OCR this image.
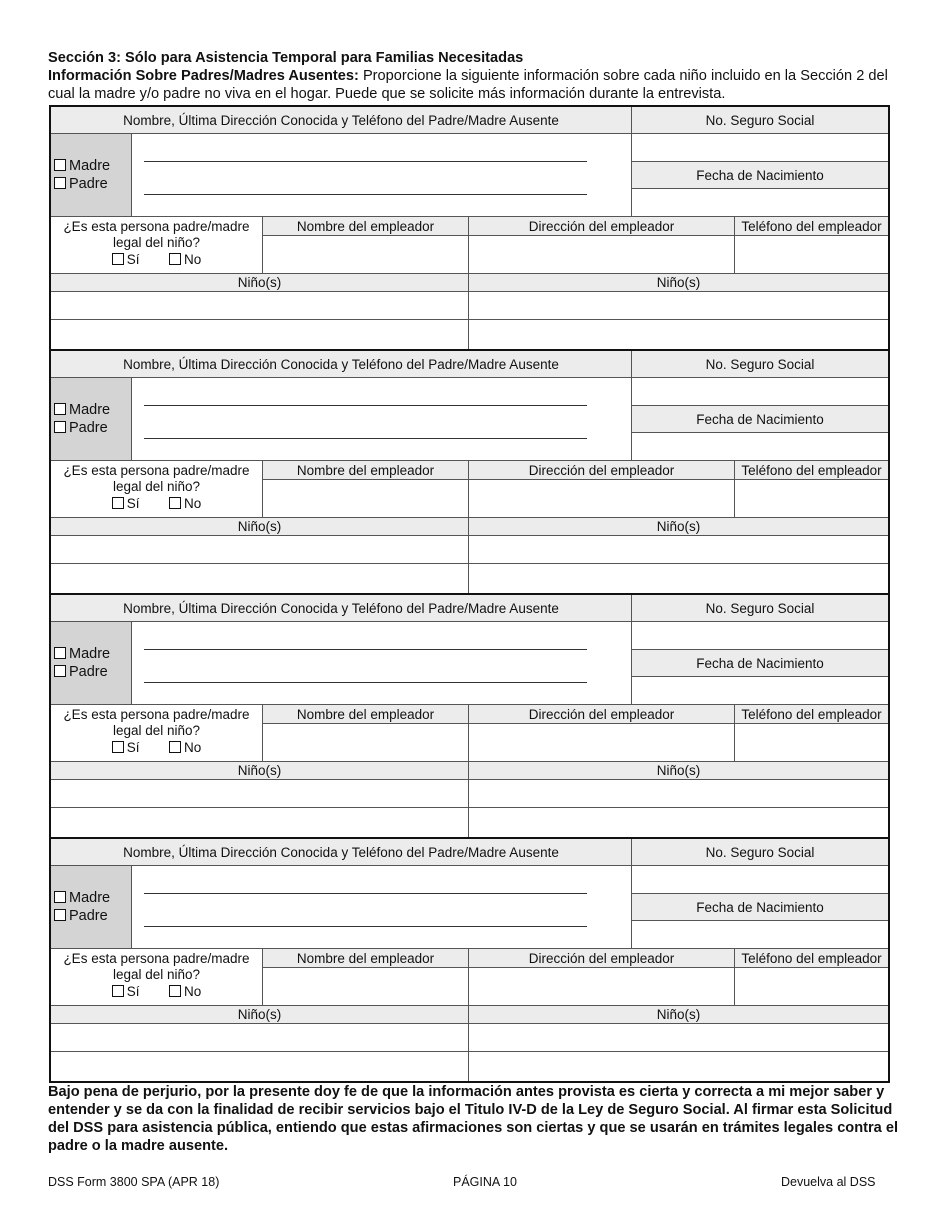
Sección 3: Sólo para Asistencia Temporal para Familias Necesitadas
Información Sobre Padres/Madres Ausentes: Proporcione la siguiente información sobre cada niño incluido en la Sección 2 del cual la madre y/o padre no viva en el hogar. Puede que se solicite más información durante la entrevista.
Nombre, Última Dirección Conocida y Teléfono del Padre/Madre Ausente	No. Seguro Social
Madre
Padre
Fecha de Nacimiento
¿Es esta persona padre/madre legal del niño?
Sí	No
Nombre del empleador	Dirección del empleador	Teléfono del empleador
Niño(s)	Niño(s)
Nombre, Última Dirección Conocida y Teléfono del Padre/Madre Ausente	No. Seguro Social
Madre
Padre
Fecha de Nacimiento
¿Es esta persona padre/madre legal del niño?
Sí	No
Nombre del empleador	Dirección del empleador	Teléfono del empleador
Niño(s)	Niño(s)
Nombre, Última Dirección Conocida y Teléfono del Padre/Madre Ausente	No. Seguro Social
Madre
Padre
Fecha de Nacimiento
¿Es esta persona padre/madre legal del niño?
Sí	No
Nombre del empleador	Dirección del empleador	Teléfono del empleador
Niño(s)	Niño(s)
Nombre, Última Dirección Conocida y Teléfono del Padre/Madre Ausente	No. Seguro Social
Madre
Padre
Fecha de Nacimiento
¿Es esta persona padre/madre legal del niño?
Sí	No
Nombre del empleador	Dirección del empleador	Teléfono del empleador
Niño(s)	Niño(s)
Bajo pena de perjurio, por la presente doy fe de que la información antes provista es cierta y correcta a mi mejor saber y entender y se da con la finalidad de recibir servicios bajo el Titulo IV-D de la Ley de Seguro Social. Al firmar esta Solicitud del DSS para asistencia pública, entiendo que estas afirmaciones son ciertas y que se usarán en trámites legales contra el padre o la madre ausente.
DSS Form 3800 SPA (APR 18)	PÁGINA 10	Devuelva al DSS
